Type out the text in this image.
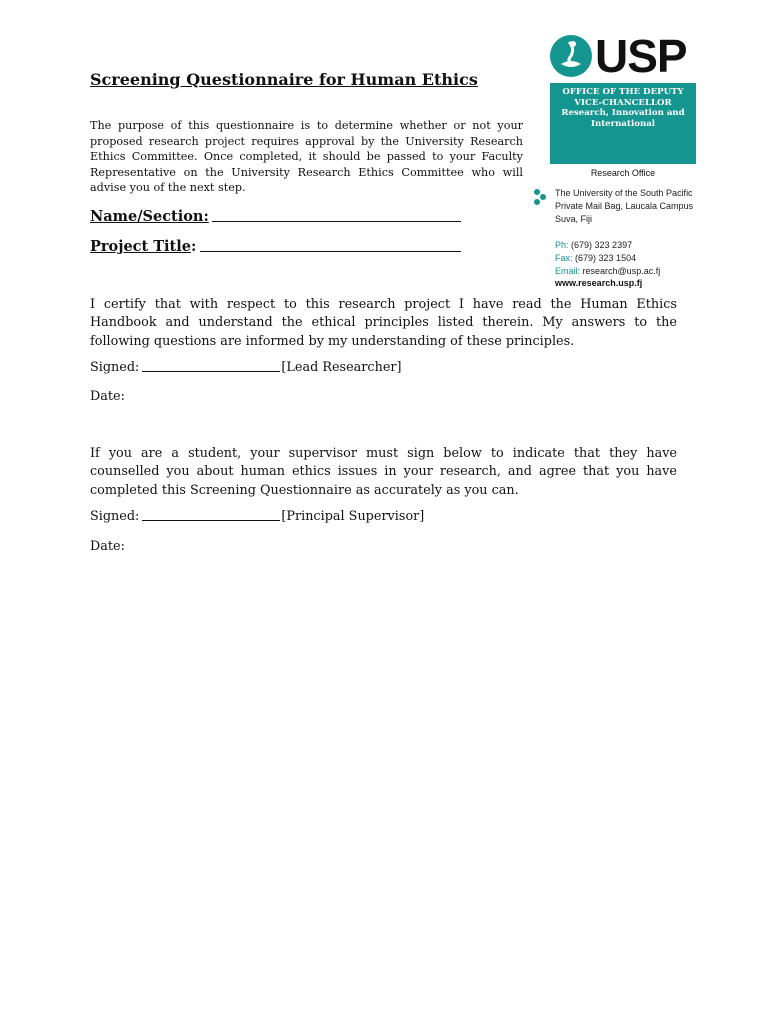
Screening Questionnaire for Human Ethics

The purpose of this questionnaire is to determine whether or not your proposed research project requires approval by the University Research Ethics Committee. Once completed, it should be passed to your Faculty Representative on the University Research Ethics Committee who will advise you of the next step.

Name/Section:
Project Title :

I certify that with respect to this research project I have read the Human Ethics Handbook and understand the ethical principles listed therein. My answers to the following questions are informed by my understanding of these principles.

Signed:	[Lead Researcher]
Date:

If you are a student, your supervisor must sign below to indicate that they have counselled you about human ethics issues in your research, and agree that you have completed this Screening Questionnaire as accurately as you can.

Signed:	[Principal Supervisor]
Date:
USP
OFFICE OF THE DEPUTY
VICE-CHANCELLOR
Research, Innovation and
International
Research Office
The University of the South Pacific
Private Mail Bag, Laucala Campus
Suva, Fiji
Ph: (679) 323 2397
Fax: (679) 323 1504
Email: research@usp.ac.fj
www.research.usp.fj
